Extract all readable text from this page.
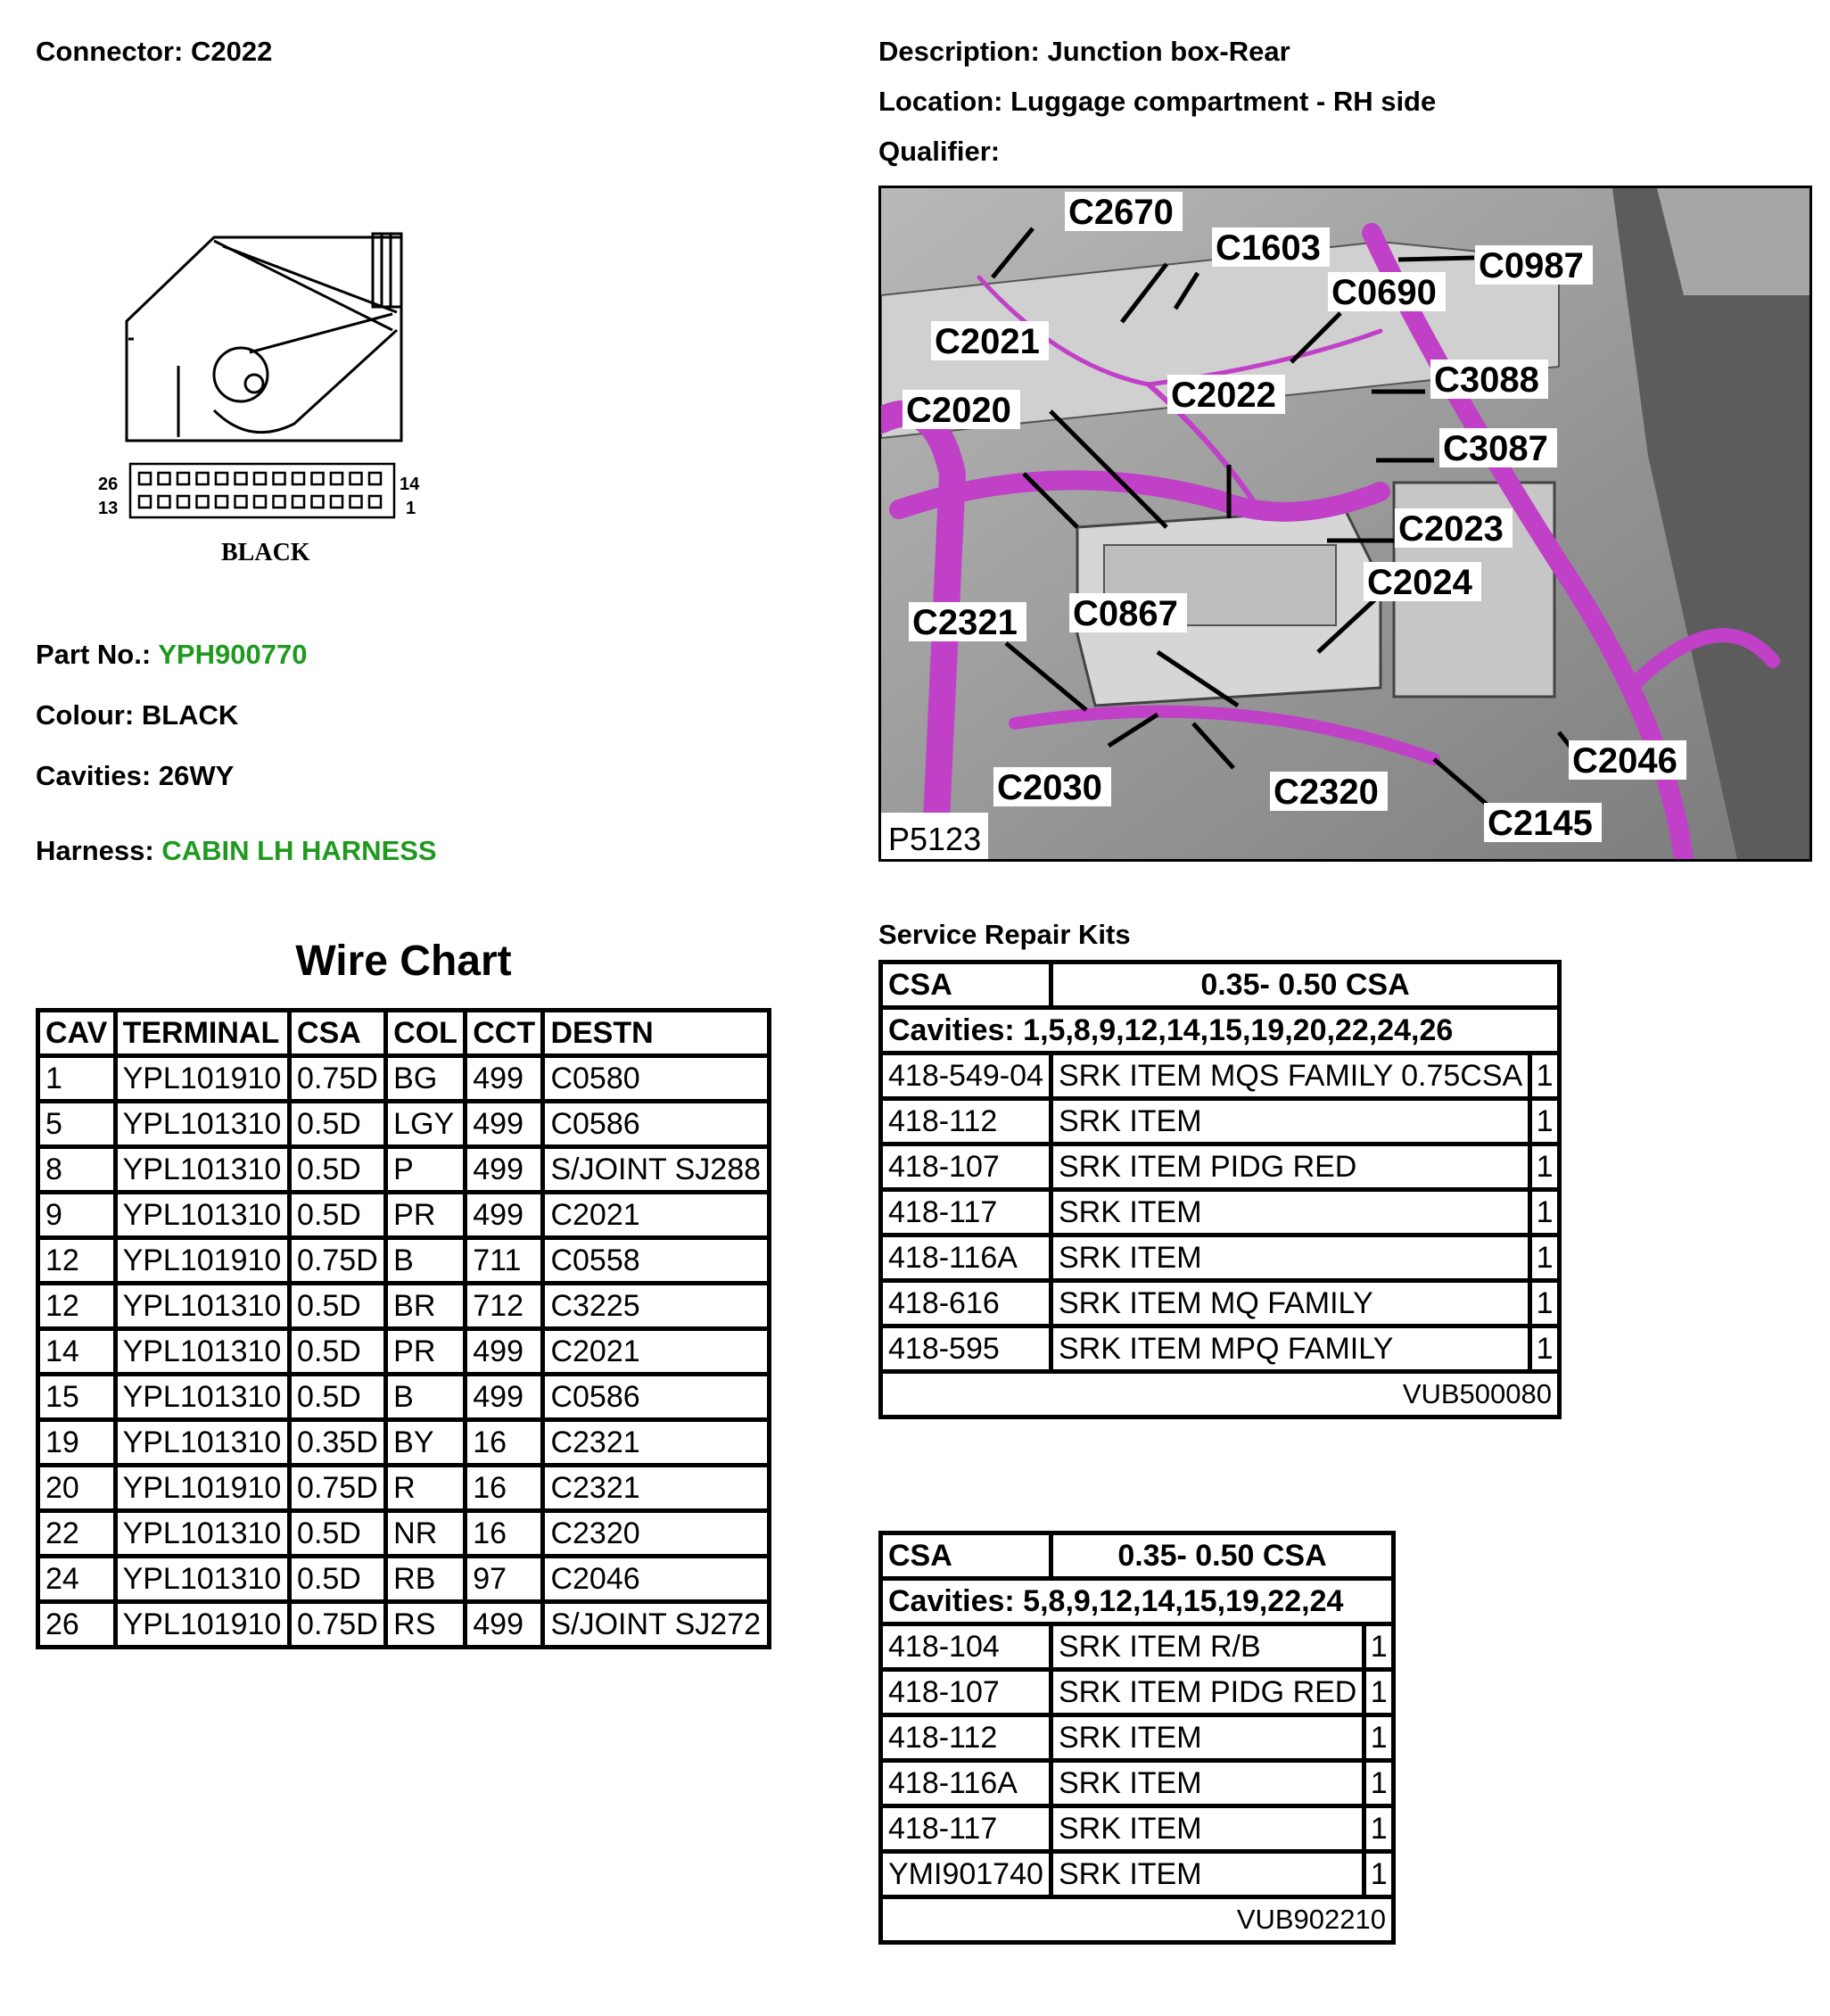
Connector: C2022	Description: Junction box-Rear
Location: Luggage compartment - RH side
Qualifier:
26
13
14
1
BLACK
Part No.: YPH900770
Colour: BLACK
Cavities: 26WY
Harness: CABIN LH HARNESS
Wire Chart
CAV	TERMINAL	CSA	COL	CCT	DESTN
1	YPL101910	0.75D	BG	499	C0580
5	YPL101310	0.5D	LGY	499	C0586
8	YPL101310	0.5D	P	499	S/JOINT SJ288
9	YPL101310	0.5D	PR	499	C2021
12	YPL101910	0.75D	B	711	C0558
12	YPL101310	0.5D	BR	712	C3225
14	YPL101310	0.5D	PR	499	C2021
15	YPL101310	0.5D	B	499	C0586
19	YPL101310	0.35D	BY	16	C2321
20	YPL101910	0.75D	R	16	C2321
22	YPL101310	0.5D	NR	16	C2320
24	YPL101310	0.5D	RB	97	C2046
26	YPL101910	0.75D	RS	499	S/JOINT SJ272
C2670
C1603	C0987
C0690
C2021
C3088
C2022
C2020
C3087
C2023
C2024
C2321 C0867
C2046
C2030	C2320
C2145
P5123
Service Repair Kits
CSA	0.35- 0.50 CSA	
Cavities: 1,5,8,9,12,14,15,19,20,22,24,26		
418-549-04	SRK ITEM MQS FAMILY 0.75CSA	1
418-112	SRK ITEM	1
418-107	SRK ITEM PIDG RED	1
418-117	SRK ITEM	1
418-116A	SRK ITEM	1
418-616	SRK ITEM MQ FAMILY	1
418-595	SRK ITEM MPQ FAMILY	1
VUB500080		
CSA	0.35- 0.50 CSA	
Cavities: 5,8,9,12,14,15,19,22,24		
418-104	SRK ITEM R/B	1
418-107	SRK ITEM PIDG RED	1
418-112	SRK ITEM	1
418-116A	SRK ITEM	1
418-117	SRK ITEM	1
YMI901740	SRK ITEM	1
VUB902210		
